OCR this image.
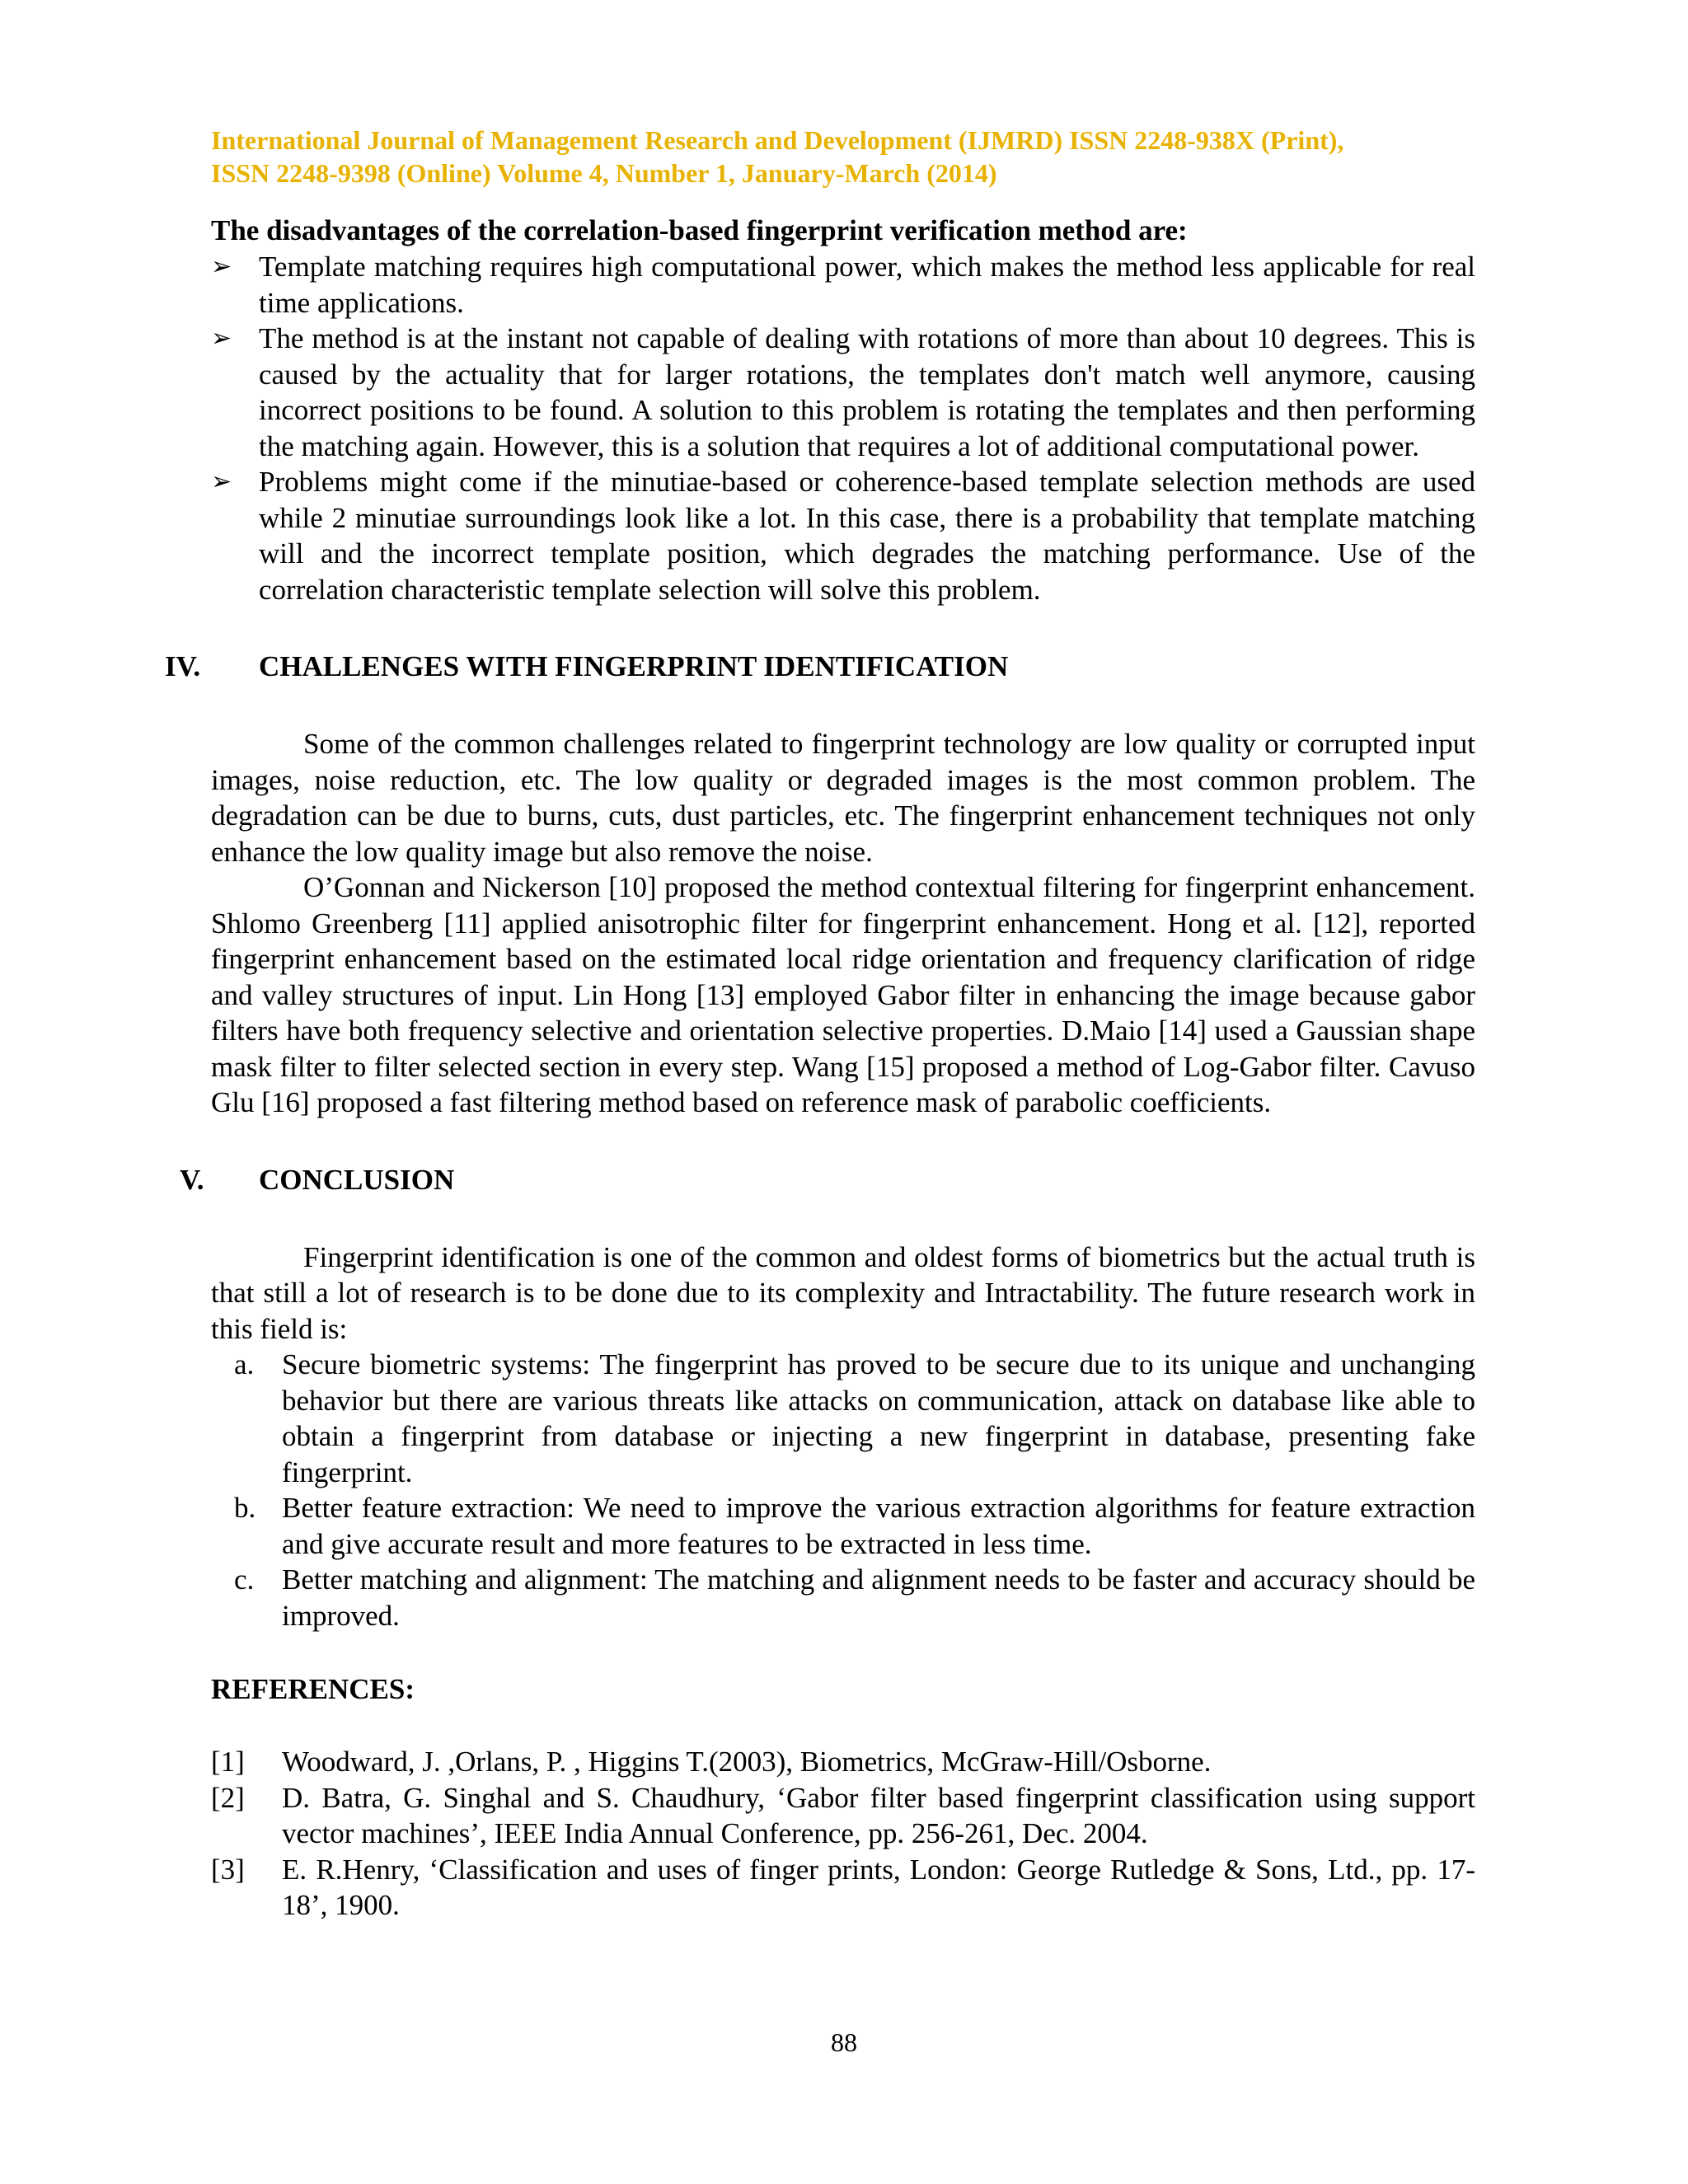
International Journal of Management Research and Development (IJMRD) ISSN 2248-938X (Print),
ISSN 2248-9398 (Online) Volume 4, Number 1, January-March (2014)
The disadvantages of the correlation-based fingerprint verification method are:
➢ Template matching requires high computational power, which makes the method less applicable for real time applications.
➢ The method is at the instant not capable of dealing with rotations of more than about 10 degrees. This is caused by the actuality that for larger rotations, the templates don't match well anymore, causing incorrect positions to be found. A solution to this problem is rotating the templates and then performing the matching again. However, this is a solution that requires a lot of additional computational power.
➢ Problems might come if the minutiae-based or coherence-based template selection methods are used while 2 minutiae surroundings look like a lot. In this case, there is a probability that template matching will and the incorrect template position, which degrades the matching performance. Use of the correlation characteristic template selection will solve this problem.
IV.	CHALLENGES WITH FINGERPRINT IDENTIFICATION

Some of the common challenges related to fingerprint technology are low quality or corrupted input images, noise reduction, etc. The low quality or degraded images is the most common problem. The degradation can be due to burns, cuts, dust particles, etc. The fingerprint enhancement techniques not only enhance the low quality image but also remove the noise.

O’Gonnan and Nickerson [10] proposed the method contextual filtering for fingerprint enhancement. Shlomo Greenberg [11] applied anisotrophic filter for fingerprint enhancement. Hong et al. [12], reported fingerprint enhancement based on the estimated local ridge orientation and frequency clarification of ridge and valley structures of input. Lin Hong [13] employed Gabor filter in enhancing the image because gabor filters have both frequency selective and orientation selective properties. D.Maio [14] used a Gaussian shape mask filter to filter selected section in every step. Wang [15] proposed a method of Log-Gabor filter. Cavuso Glu [16] proposed a fast filtering method based on reference mask of parabolic coefficients.

V.	CONCLUSION

Fingerprint identification is one of the common and oldest forms of biometrics but the actual truth is that still a lot of research is to be done due to its complexity and Intractability. The future research work in this field is:

a. Secure biometric systems: The fingerprint has proved to be secure due to its unique and unchanging behavior but there are various threats like attacks on communication, attack on database like able to obtain a fingerprint from database or injecting a new fingerprint in database, presenting fake fingerprint.
b. Better feature extraction: We need to improve the various extraction algorithms for feature extraction and give accurate result and more features to be extracted in less time.
c. Better matching and alignment: The matching and alignment needs to be faster and accuracy should be improved.
REFERENCES:
[1] Woodward, J. ,Orlans, P. , Higgins T.(2003), Biometrics, McGraw-Hill/Osborne.
[2] D. Batra, G. Singhal and S. Chaudhury, ‘Gabor filter based fingerprint classification using support vector machines’, IEEE India Annual Conference, pp. 256-261, Dec. 2004.
[3] E. R.Henry, ‘Classification and uses of finger prints, London: George Rutledge & Sons, Ltd., pp. 17-18’, 1900.
88
